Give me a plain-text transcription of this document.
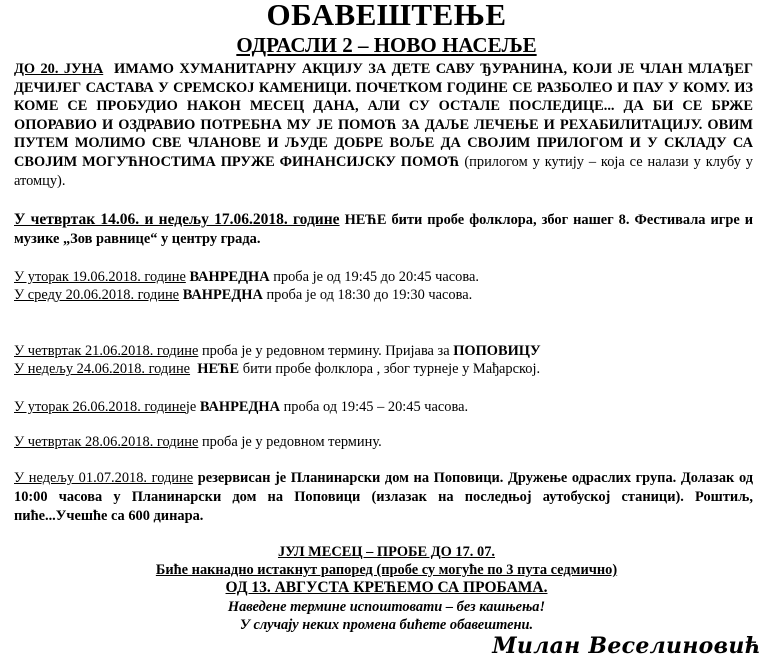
ОБАВЕШТЕЊЕ
ОДРАСЛИ 2 – НОВО НАСЕЉЕ
ДО 20. ЈУНА ИМАМО ХУМАНИТАРНУ АКЦИЈУ ЗА ДЕТЕ САВУ ЂУРАНИНА, КОЈИ ЈЕ ЧЛАН МЛАЂЕГ ДЕЧИЈЕГ САСТАВА У СРЕМСКОЈ КАМЕНИЦИ. ПОЧЕТКОМ ГОДИНЕ СЕ РАЗБОЛЕО И ПАУ У КОМУ. ИЗ КОМЕ СЕ ПРОБУДИО НАКОН МЕСЕЦ ДАНА, АЛИ СУ ОСТАЛЕ ПОСЛЕДИЦЕ... ДА БИ СЕ БРЖЕ ОПОРАВИО И ОЗДРАВИО ПОТРЕБНА МУ ЈЕ ПОМОЋ ЗА ДАЉЕ ЛЕЧЕЊЕ И РЕХАБИЛИТАЦИЈУ. ОВИМ ПУТЕМ МОЛИМО СВЕ ЧЛАНОВЕ И ЉУДЕ ДОБРЕ ВОЉЕ ДА СВОЈИМ ПРИЛОГОМ И У СКЛАДУ СА СВОЈИМ МОГУЋНОСТИМА ПРУЖЕ ФИНАНСИЈСКУ ПОМОЋ (прилогом у кутију – која се налази у клубу у атомцу).
У четвртак 14.06. и недељу 17.06.2018. године НЕЋЕ бити пробе фолклора, због нашег 8. Фестивала игре и музике „Зов равнице“ у центру града.
У уторак 19.06.2018. године ВАНРЕДНА проба је од 19:45 до 20:45 часова.
У среду 20.06.2018. године ВАНРЕДНА проба је од 18:30 до 19:30 часова.
У четвртак 21.06.2018. године проба је у редовном термину. Пријава за ПОПОВИЦУ
У недељу 24.06.2018. године НЕЋЕ бити пробе фолклора , због турнеје у Мађарској.
У уторак 26.06.2018. годинеје ВАНРЕДНА проба од 19:45 – 20:45 часова.
У четвртак 28.06.2018. године проба је у редовном термину.
У недељу 01.07.2018. године резервисан је Планинарски дом на Поповици. Дружење одраслих група. Долазак од 10:00 часова у Планинарски дом на Поповици (излазак на последњој аутобуској станици). Роштиљ, пиће...Учешће са 600 динара.
ЈУЛ МЕСЕЦ – ПРОБЕ ДО 17. 07.
Биће накнадно истакнут рапоред (пробе су могуће по 3 пута седмично)
ОД 13. АВГУСТА КРЕЋЕМО СА ПРОБАМА.
Наведене термине испоштовати – без кашњења!
У случају неких промена бићете обавештени.
Милан Веселиновић
